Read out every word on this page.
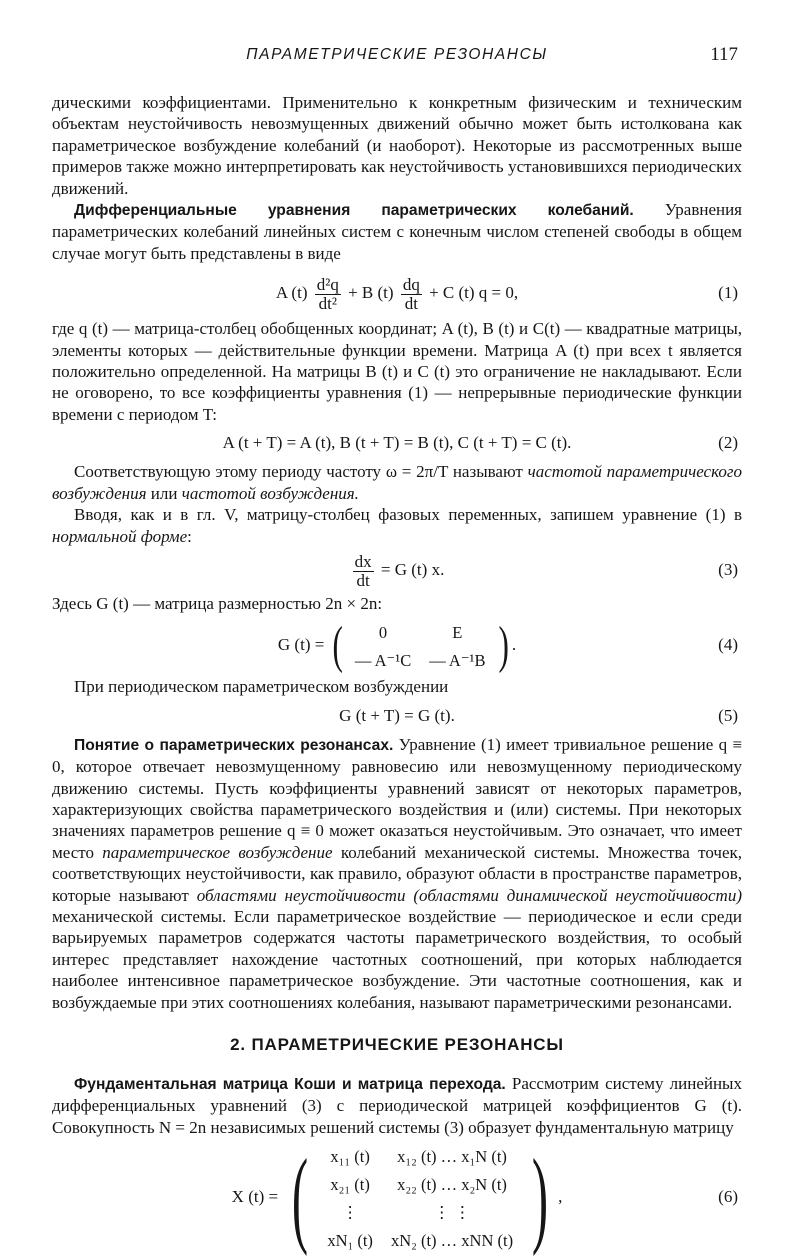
ПАРАМЕТРИЧЕСКИЕ РЕЗОНАНСЫ	117

дическими коэффициентами. Применительно к конкретным физическим и техническим объектам неустойчивость невозмущенных движений обычно может быть истолкована как параметрическое возбуждение колебаний (и наоборот). Некоторые из рассмотренных выше примеров также можно интерпретировать как неустойчивость установившихся периодических движений.

Дифференциальные уравнения параметрических колебаний. Уравнения параметрических колебаний линейных систем с конечным числом степеней свободы в общем случае могут быть представлены в виде

A $(t) \frac{\text{d²q}}{\text{dt²}} + B$ $(t) \frac{dq}{dt} + C$ (t) q = 0,	(1)

где q (t) — матрица-столбец обобщенных координат; A (t), B (t) и C(t) — квадратные матрицы, элементы которых — действительные функции времени. Матрица A (t) при всех t является положительно определенной. На матрицы B (t) и C (t) это ограничение не накладывают. Если не оговорено, то все коэффициенты уравнения (1) — непрерывные периодические функции времени с периодом T:

A (t + T) = A (t), B (t + T) = B (t), C (t + T) = C (t).	(2)

Соответствующую этому периоду частоту ω = 2π/T называют частотой параметрического возбуждения или частотой возбуждения.

Вводя, как и в гл. V, матрицу-столбец фазовых переменных, запишем уравнение (1) в нормальной форме:

$\frac{dx}{dt} = G$ (t) x.	(3)

Здесь G (t) — матрица размерностью 2n × 2n:

G (t) = ( 0	E
— A⁻¹C	— A⁻¹B ) .	(4)

При периодическом параметрическом возбуждении

G (t + T) = G (t).	(5)

Понятие о параметрических резонансах. Уравнение (1) имеет тривиальное решение q ≡ 0, которое отвечает невозмущенному равновесию или невозмущенному периодическому движению системы. Пусть коэффициенты уравнений зависят от некоторых параметров, характеризующих свойства параметрического воздействия и (или) системы. При некоторых значениях параметров решение q ≡ 0 может оказаться неустойчивым. Это означает, что имеет место параметрическое возбуждение колебаний механической системы. Множества точек, соответствующих неустойчивости, как правило, образуют области в пространстве параметров, которые называют областями неустойчивости (областями динамической неустойчивости) механической системы. Если параметрическое воздействие — периодическое и если среди варьируемых параметров содержатся частоты параметрического воздействия, то особый интерес представляет нахождение частотных соотношений, при которых наблюдается наиболее интенсивное параметрическое возбуждение. Эти частотные соотношения, как и возбуждаемые при этих соотношениях колебания, называют параметрическими резонансами.

2. ПАРАМЕТРИЧЕСКИЕ РЕЗОНАНСЫ

Фундаментальная матрица Коши и матрица перехода. Рассмотрим систему линейных дифференциальных уравнений (3) с периодической матрицей коэффициентов G (t). Совокупность N = 2n независимых решений системы (3) образует фундаментальную матрицу

X (t) = ( x₁₁ (t)	x₁₂ (t) … x₁N (t)
x₂₁ (t)	x₂₂ (t) … x₂N (t)
⋮	⋮ ⋮
xN₁ (t)	xN₂ (t) … xNN (t) ) ,	(6)
